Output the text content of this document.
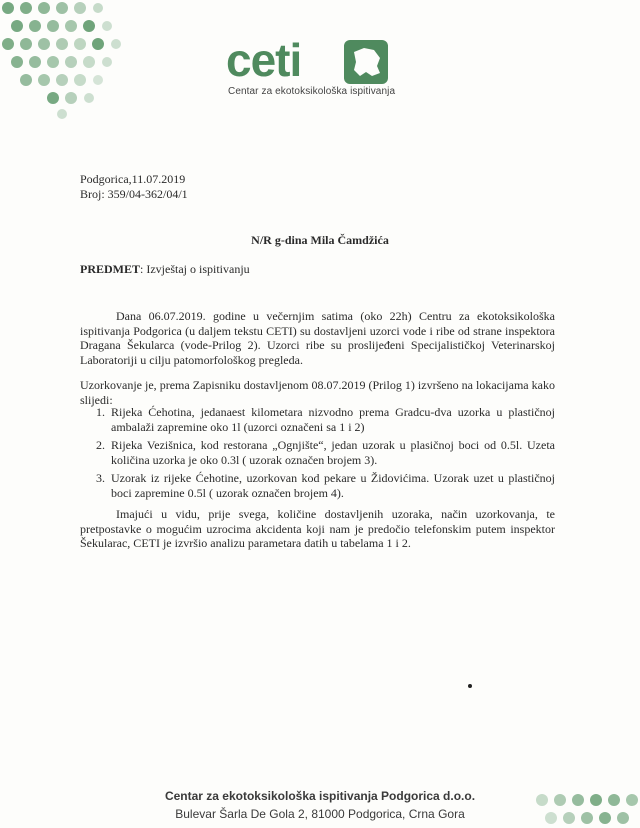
ceti
Centar za ekotoksikološka ispitivanja
Podgorica,11.07.2019
Broj: 359/04-362/04/1
N/R g-dina Mila Čamdžića
PREDMET: Izvještaj o ispitivanju
Dana 06.07.2019. godine u večernjim satima (oko 22h) Centru za ekotoksikološka ispitivanja Podgorica (u daljem tekstu CETI) su dostavljeni uzorci vode i ribe od strane inspektora Dragana Šekularca (vode-Prilog 2). Uzorci ribe su proslijeđeni Specijalističkoj Veterinarskoj Laboratoriji u cilju patomorfološkog pregleda.
Uzorkovanje je, prema Zapisniku dostavljenom 08.07.2019 (Prilog 1) izvršeno na lokacijama kako slijedi:
1. Rijeka Ćehotina, jedanaest kilometara nizvodno prema Gradcu-dva uzorka u plastičnoj ambalaži zapremine oko 1l (uzorci označeni sa 1 i 2)
2. Rijeka Vezišnica, kod restorana „Ognjište“, jedan uzorak u plasičnoj boci od 0.5l. Uzeta količina uzorka je oko 0.3l ( uzorak označen brojem 3).
3. Uzorak iz rijeke Ćehotine, uzorkovan kod pekare u Židovićima. Uzorak uzet u plastičnoj boci zapremine 0.5l ( uzorak označen brojem 4).
Imajući u vidu, prije svega, količine dostavljenih uzoraka, način uzorkovanja, te pretpostavke o mogućim uzrocima akcidenta koji nam je predočio telefonskim putem inspektor Šekularac, CETI je izvršio analizu parametara datih u tabelama 1 i 2.
Centar za ekotoksikološka ispitivanja Podgorica d.o.o.
Bulevar Šarla De Gola 2, 81000 Podgorica, Crna Gora
